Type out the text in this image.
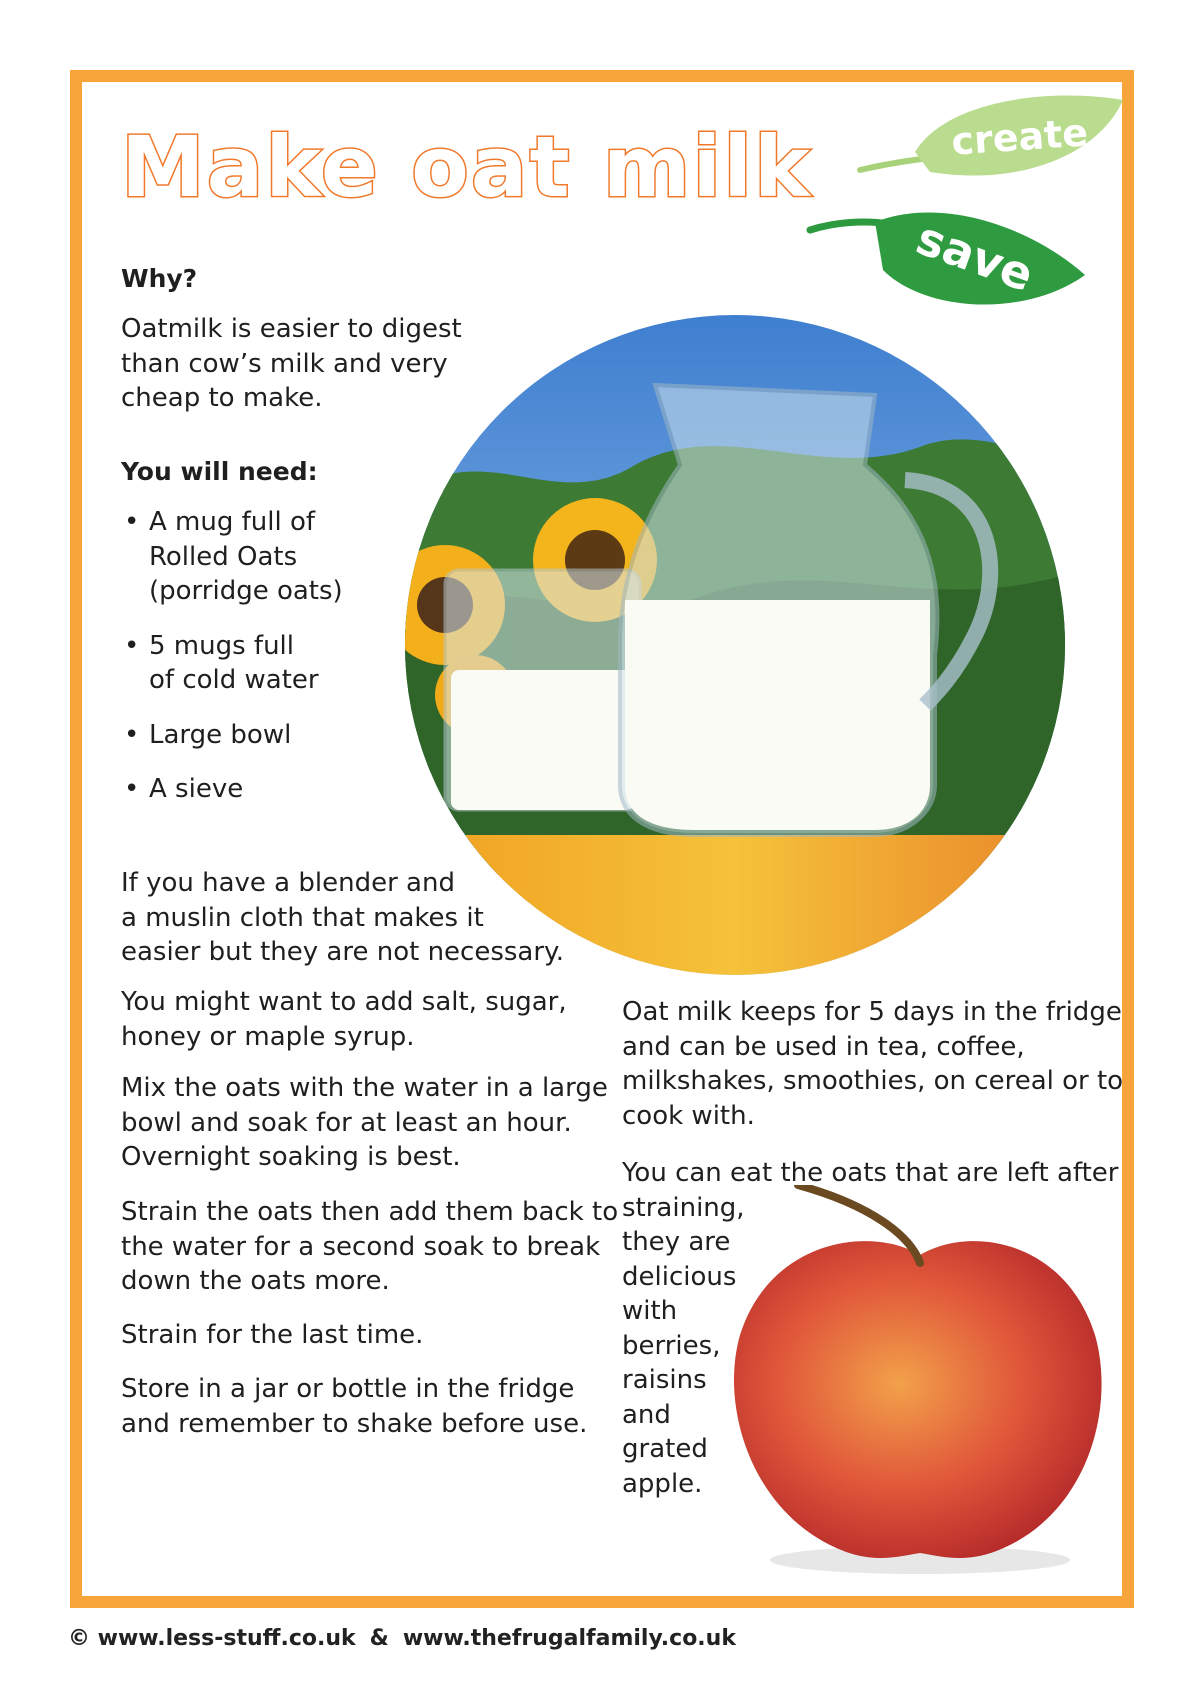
Make oat milk	create
save

Why?

Oatmilk is easier to digest
than cow’s milk and very
cheap to make.

You will need:

• A mug full of
Rolled Oats
(porridge oats)
• 5 mugs full
of cold water
• Large bowl
• A sieve
If you have a blender and
a muslin cloth that makes it
easier but they are not necessary.
You might want to add salt, sugar,
honey or maple syrup.
Mix the oats with the water in a large
bowl and soak for at least an hour.
Overnight soaking is best.
Strain the oats then add them back to
the water for a second soak to break
down the oats more.
Strain for the last time.
Store in a jar or bottle in the fridge
and remember to shake before use.
Oat milk keeps for 5 days in the fridge
and can be used in tea, coffee,
milkshakes, smoothies, on cereal or to
cook with.
You can eat the oats that are left after
straining,
they are
delicious
with
berries,
raisins
and
grated
apple.
© www.less-stuff.co.uk & www.thefrugalfamily.co.uk
